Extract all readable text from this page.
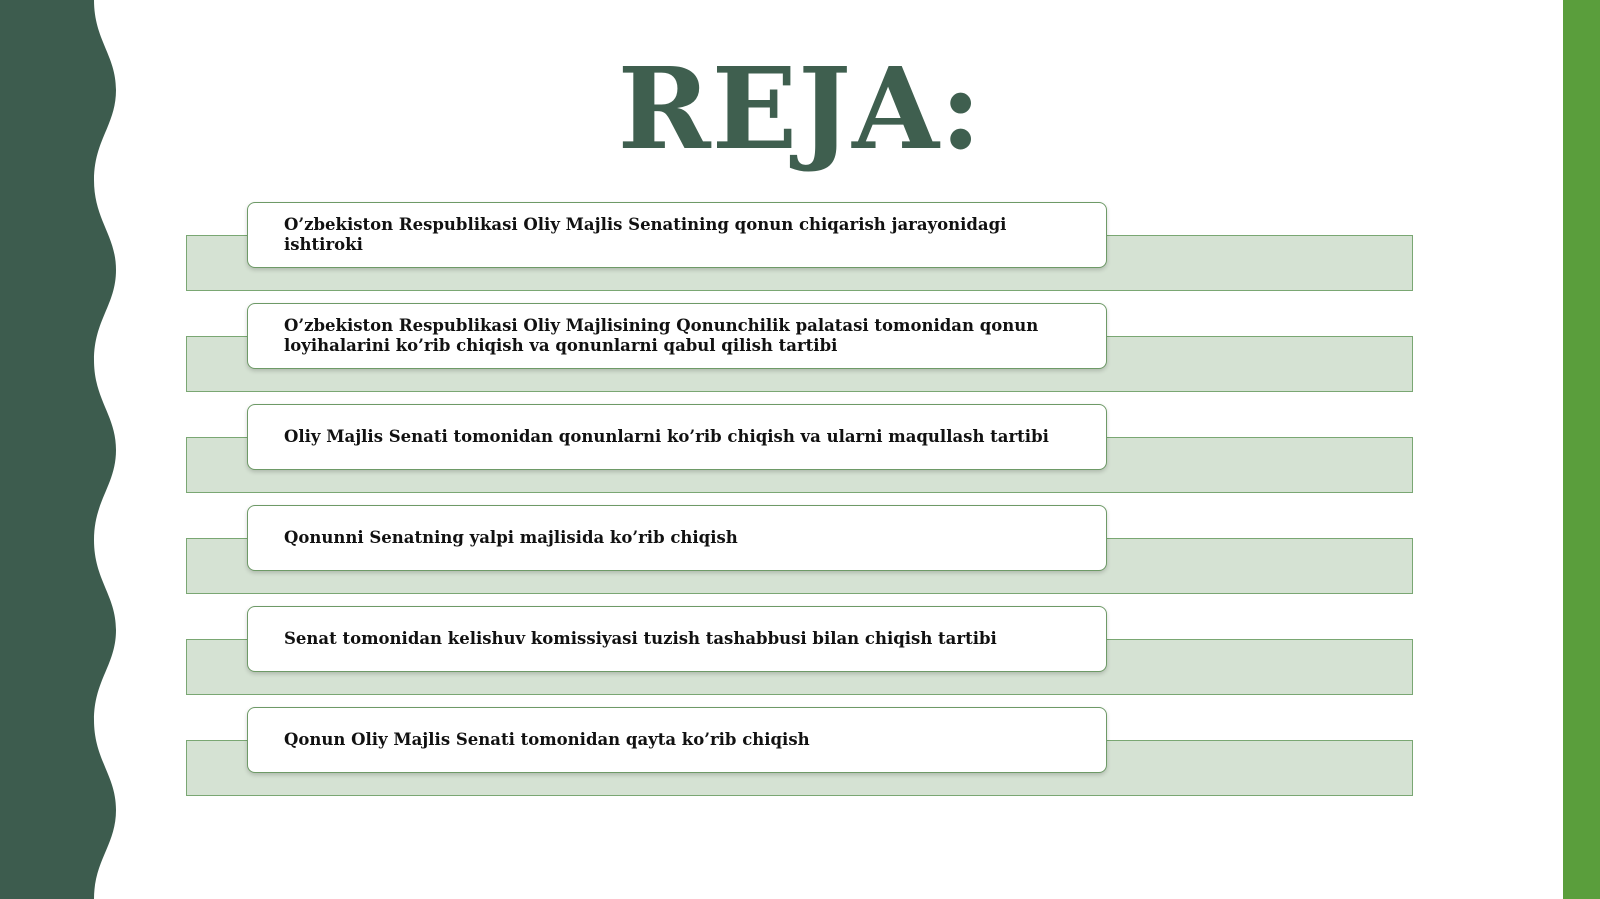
REJA:
O’zbekiston Respublikasi Oliy Majlis Senatining qonun chiqarish jarayonidagi ishtiroki
O’zbekiston Respublikasi Oliy Majlisining Qonunchilik palatasi tomonidan qonun loyihalarini ko’rib chiqish va qonunlarni qabul qilish tartibi
Oliy Majlis Senati tomonidan qonunlarni ko’rib chiqish va ularni maqullash tartibi
Qonunni Senatning yalpi majlisida ko’rib chiqish
Senat tomonidan kelishuv komissiyasi tuzish tashabbusi bilan chiqish tartibi
Qonun Oliy Majlis Senati tomonidan qayta ko’rib chiqish
